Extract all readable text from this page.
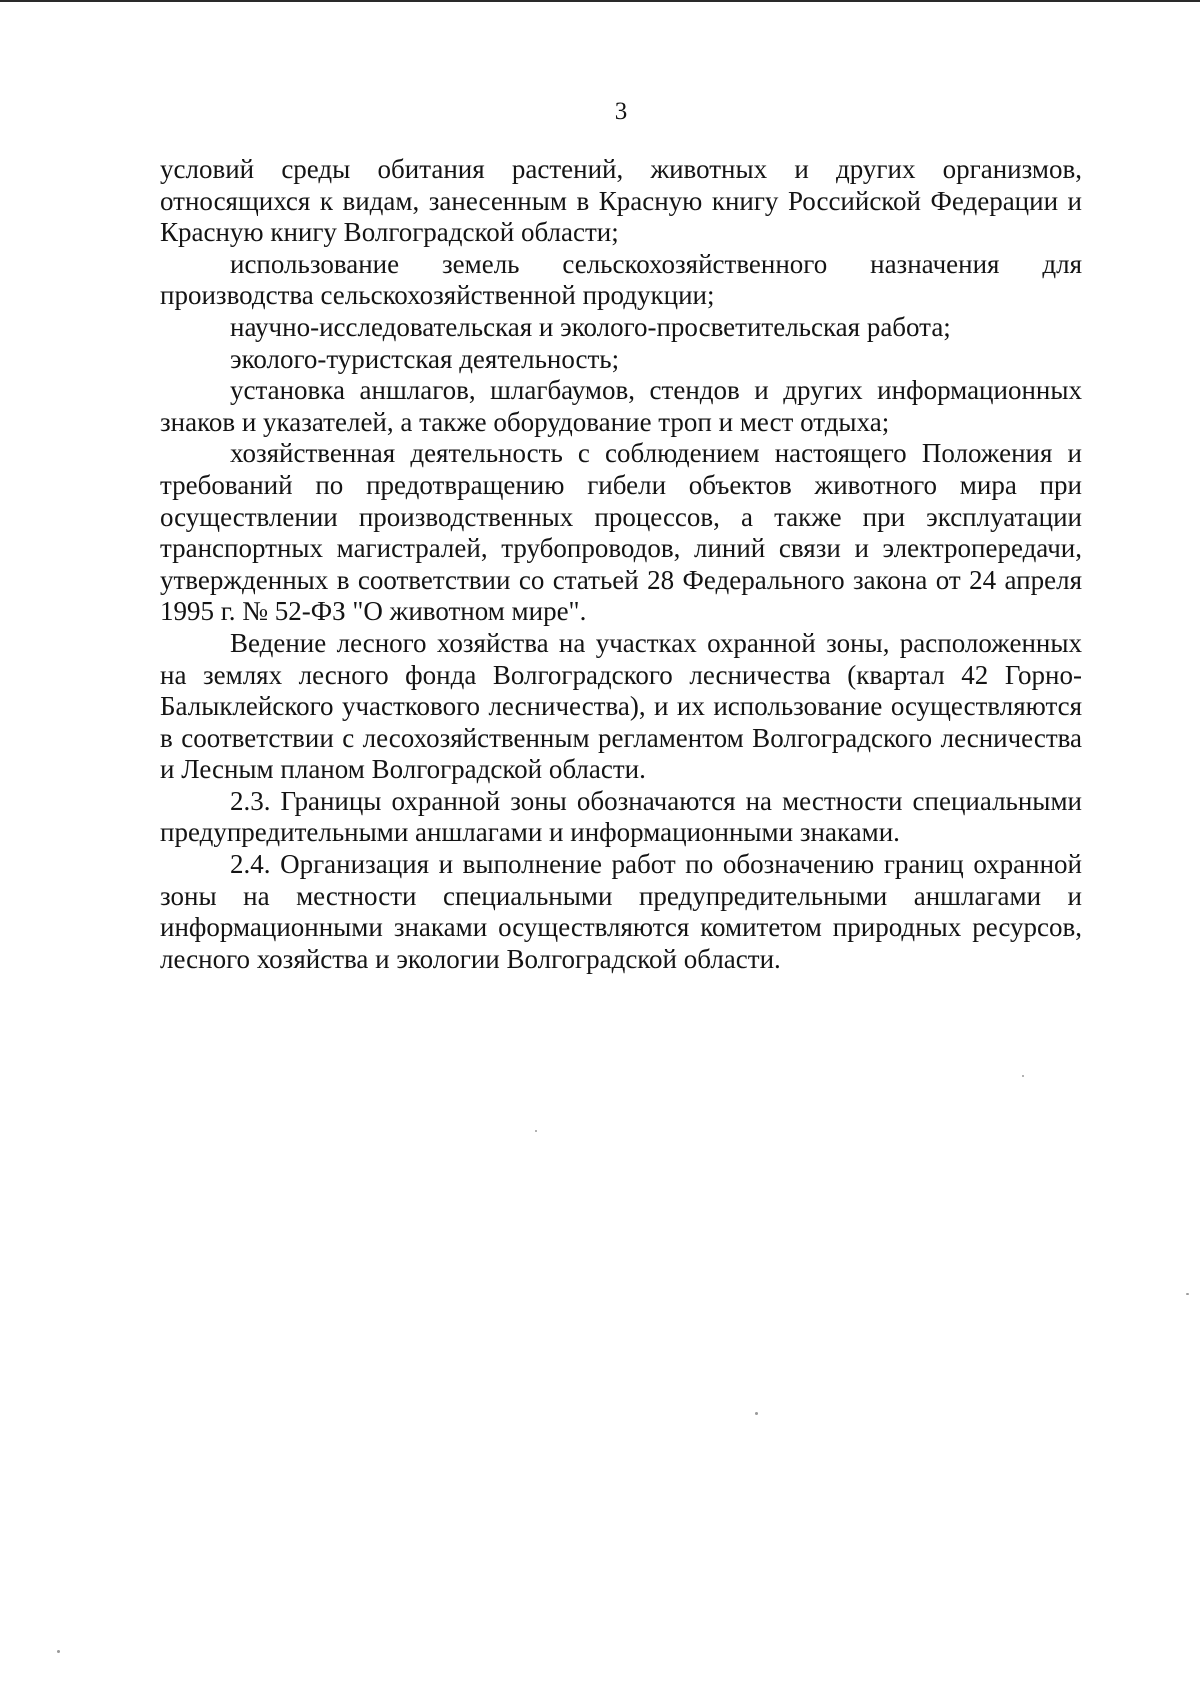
3

условий среды обитания растений, животных и других организмов, относящихся к видам, занесенным в Красную книгу Российской Федерации и Красную книгу Волгоградской области;

использование земель сельскохозяйственного назначения для производства сельскохозяйственной продукции;

научно-исследовательская и эколого-просветительская работа;

эколого-туристская деятельность;

установка аншлагов, шлагбаумов, стендов и других информационных знаков и указателей, а также оборудование троп и мест отдыха;

хозяйственная деятельность с соблюдением настоящего Положения и требований по предотвращению гибели объектов животного мира при осуществлении производственных процессов, а также при эксплуатации транспортных магистралей, трубопроводов, линий связи и электропередачи, утвержденных в соответствии со статьей 28 Федерального закона от 24 апреля 1995 г. № 52-ФЗ "О животном мире".

Ведение лесного хозяйства на участках охранной зоны, расположенных на землях лесного фонда Волгоградского лесничества (квартал 42 Горно-Балыклейского участкового лесничества), и их использование осуществляются в соответствии с лесохозяйственным регламентом Волгоградского лесничества и Лесным планом Волгоградской области.

2.3. Границы охранной зоны обозначаются на местности специальными предупредительными аншлагами и информационными знаками.

2.4. Организация и выполнение работ по обозначению границ охранной зоны на местности специальными предупредительными аншлагами и информационными знаками осуществляются комитетом природных ресурсов, лесного хозяйства и экологии Волгоградской области.
